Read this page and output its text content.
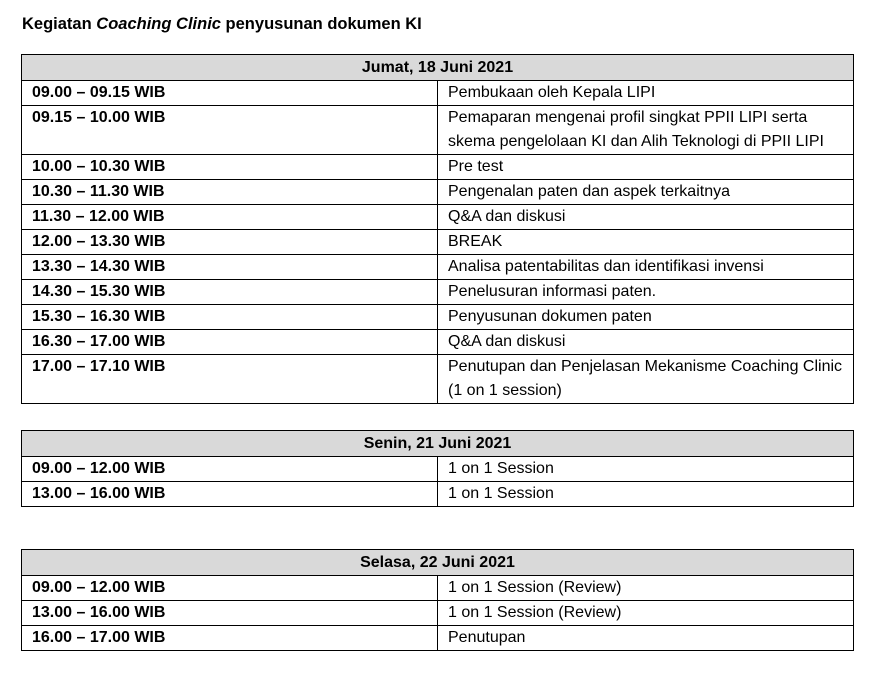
Kegiatan Coaching Clinic penyusunan dokumen KI
Jumat, 18 Juni 2021	
09.00 – 09.15 WIB	Pembukaan oleh Kepala LIPI
09.15 – 10.00 WIB	Pemaparan mengenai profil singkat PPII LIPI serta skema pengelolaan KI dan Alih Teknologi di PPII LIPI
10.00 – 10.30 WIB	Pre test
10.30 – 11.30 WIB	Pengenalan paten dan aspek terkaitnya
11.30 – 12.00 WIB	Q&A dan diskusi
12.00 – 13.30 WIB	BREAK
13.30 – 14.30 WIB	Analisa patentabilitas dan identifikasi invensi
14.30 – 15.30 WIB	Penelusuran informasi paten.
15.30 – 16.30 WIB	Penyusunan dokumen paten
16.30 – 17.00 WIB	Q&A dan diskusi
17.00 – 17.10 WIB	Penutupan dan Penjelasan Mekanisme Coaching Clinic (1 on 1 session)
Senin, 21 Juni 2021	
09.00 – 12.00 WIB	1 on 1 Session
13.00 – 16.00 WIB	1 on 1 Session
Selasa, 22 Juni 2021	
09.00 – 12.00 WIB	1 on 1 Session (Review)
13.00 – 16.00 WIB	1 on 1 Session (Review)
16.00 – 17.00 WIB	Penutupan
